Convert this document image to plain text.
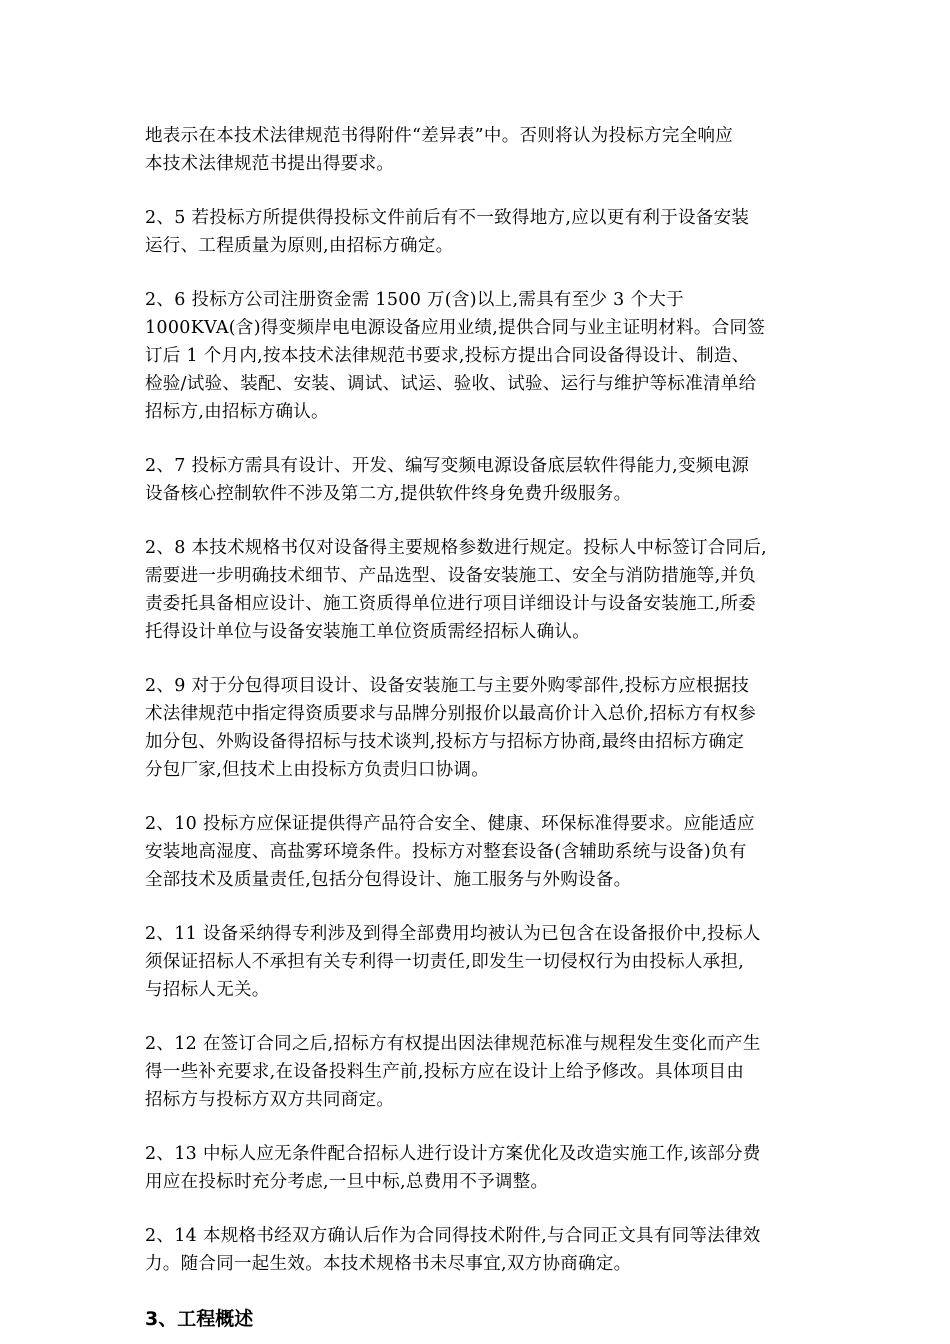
地表示在本技术法律规范书得附件“差异表”中。否则将认为投标方完全响应
本技术法律规范书提出得要求。

2、5 若投标方所提供得投标文件前后有不一致得地方,应以更有利于设备安装
运行、工程质量为原则,由招标方确定。

2、6 投标方公司注册资金需 1500 万(含)以上,需具有至少 3 个大于
1000KVA(含)得变频岸电电源设备应用业绩,提供合同与业主证明材料。合同签
订后 1 个月内,按本技术法律规范书要求,投标方提出合同设备得设计、制造、
检验/试验、装配、安装、调试、试运、验收、试验、运行与维护等标准清单给
招标方,由招标方确认。

2、7 投标方需具有设计、开发、编写变频电源设备底层软件得能力,变频电源
设备核心控制软件不涉及第二方,提供软件终身免费升级服务。

2、8 本技术规格书仅对设备得主要规格参数进行规定。投标人中标签订合同后,
需要进一步明确技术细节、产品选型、设备安装施工、安全与消防措施等,并负
责委托具备相应设计、施工资质得单位进行项目详细设计与设备安装施工,所委
托得设计单位与设备安装施工单位资质需经招标人确认。

2、9 对于分包得项目设计、设备安装施工与主要外购零部件,投标方应根据技
术法律规范中指定得资质要求与品牌分别报价以最高价计入总价,招标方有权参
加分包、外购设备得招标与技术谈判,投标方与招标方协商,最终由招标方确定
分包厂家,但技术上由投标方负责归口协调。

2、10 投标方应保证提供得产品符合安全、健康、环保标准得要求。应能适应
安装地高湿度、高盐雾环境条件。投标方对整套设备(含辅助系统与设备)负有
全部技术及质量责任,包括分包得设计、施工服务与外购设备。

2、11 设备采纳得专利涉及到得全部费用均被认为已包含在设备报价中,投标人
须保证招标人不承担有关专利得一切责任,即发生一切侵权行为由投标人承担,
与招标人无关。

2、12 在签订合同之后,招标方有权提出因法律规范标准与规程发生变化而产生
得一些补充要求,在设备投料生产前,投标方应在设计上给予修改。具体项目由
招标方与投标方双方共同商定。

2、13 中标人应无条件配合招标人进行设计方案优化及改造实施工作,该部分费
用应在投标时充分考虑,一旦中标,总费用不予调整。

2、14 本规格书经双方确认后作为合同得技术附件,与合同正文具有同等法律效
力。随合同一起生效。本技术规格书未尽事宜,双方协商确定。

3、工程概述
